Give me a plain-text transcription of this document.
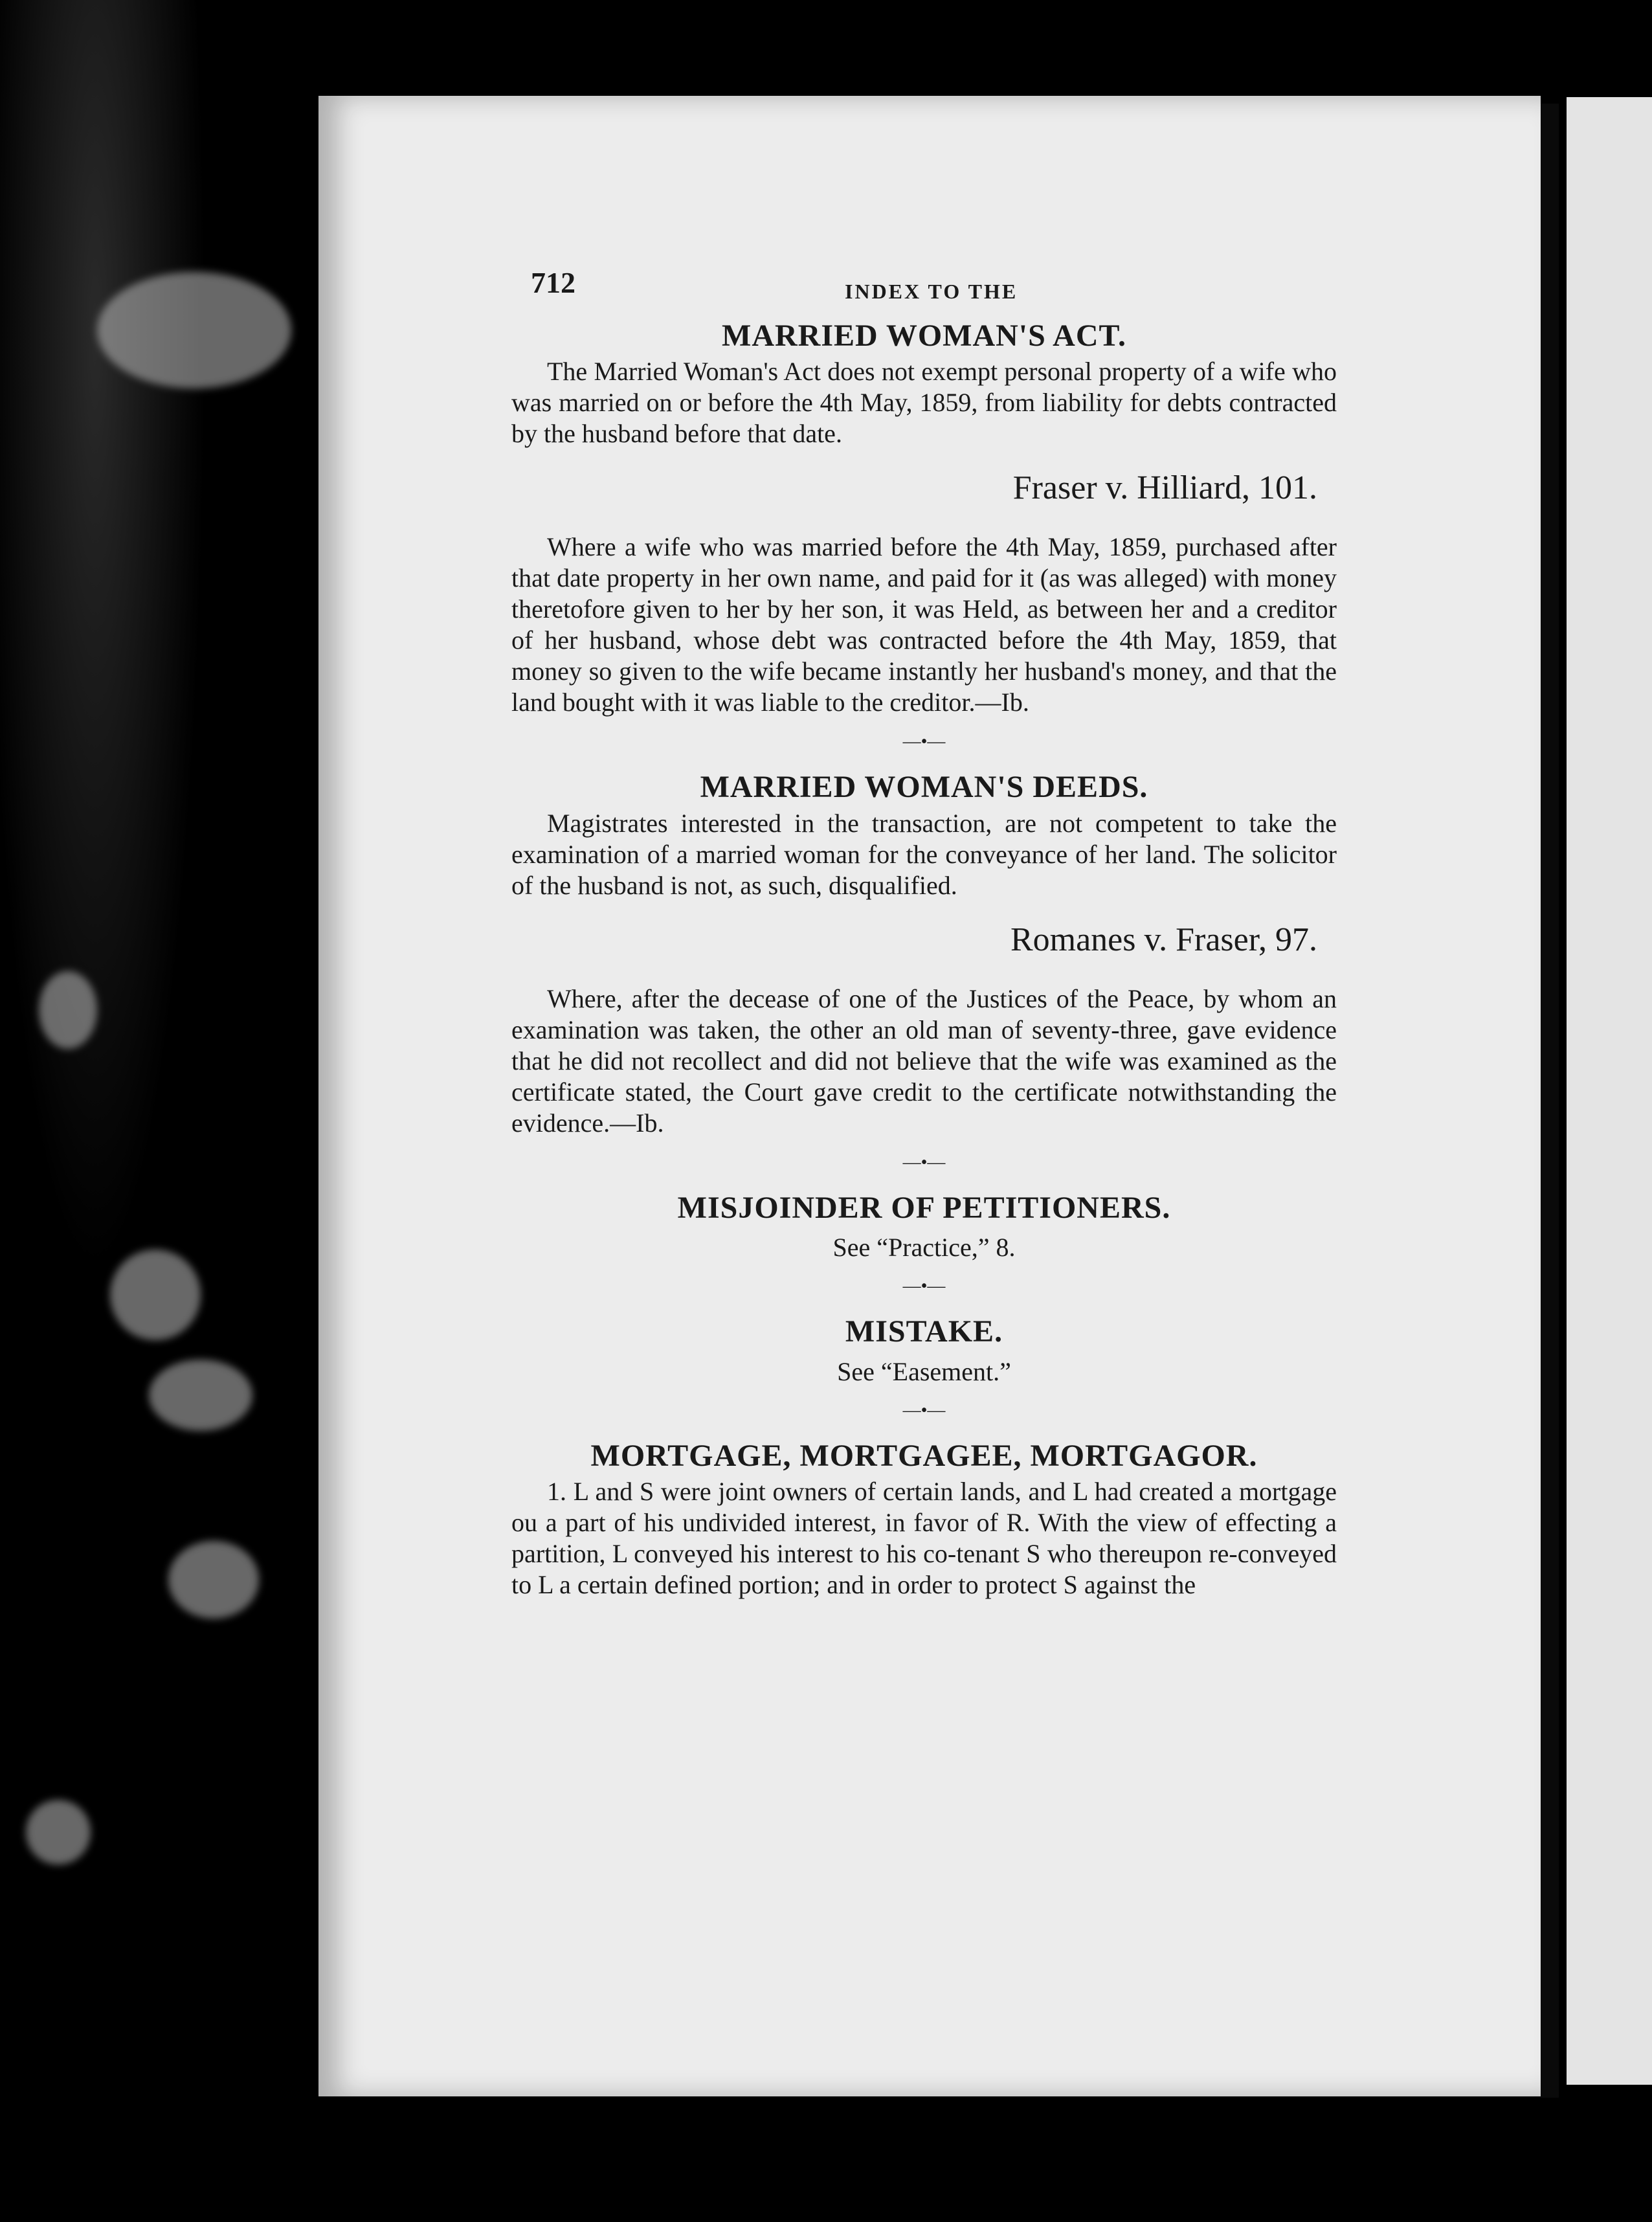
712	INDEX TO THE
MARRIED WOMAN'S ACT.

The Married Woman's Act does not exempt personal property of a wife who was married on or before the 4th May, 1859, from liability for debts contracted by the husband before that date.

Fraser v. Hilliard, 101.

Where a wife who was married before the 4th May, 1859, purchased after that date property in her own name, and paid for it (as was alleged) with money theretofore given to her by her son, it was Held, as between her and a creditor of her husband, whose debt was contracted before the 4th May, 1859, that money so given to the wife became instantly her husband's money, and that the land bought with it was liable to the creditor.—Ib.

—•—
MARRIED WOMAN'S DEEDS.

Magistrates interested in the transaction, are not competent to take the examination of a married woman for the conveyance of her land. The solicitor of the husband is not, as such, disqualified.

Romanes v. Fraser, 97.

Where, after the decease of one of the Justices of the Peace, by whom an examination was taken, the other an old man of seventy-three, gave evidence that he did not recollect and did not believe that the wife was examined as the certificate stated, the Court gave credit to the certificate notwithstanding the evidence.—Ib.

—•—
MISJOINDER OF PETITIONERS.
See “Practice,” 8.
—•—
MISTAKE.
See “Easement.”
—•—
MORTGAGE, MORTGAGEE, MORTGAGOR.

1. L and S were joint owners of certain lands, and L had created a mortgage ou a part of his undivided interest, in favor of R. With the view of effecting a partition, L conveyed his interest to his co-tenant S who thereupon re-conveyed to L a certain defined portion; and in order to protect S against the
